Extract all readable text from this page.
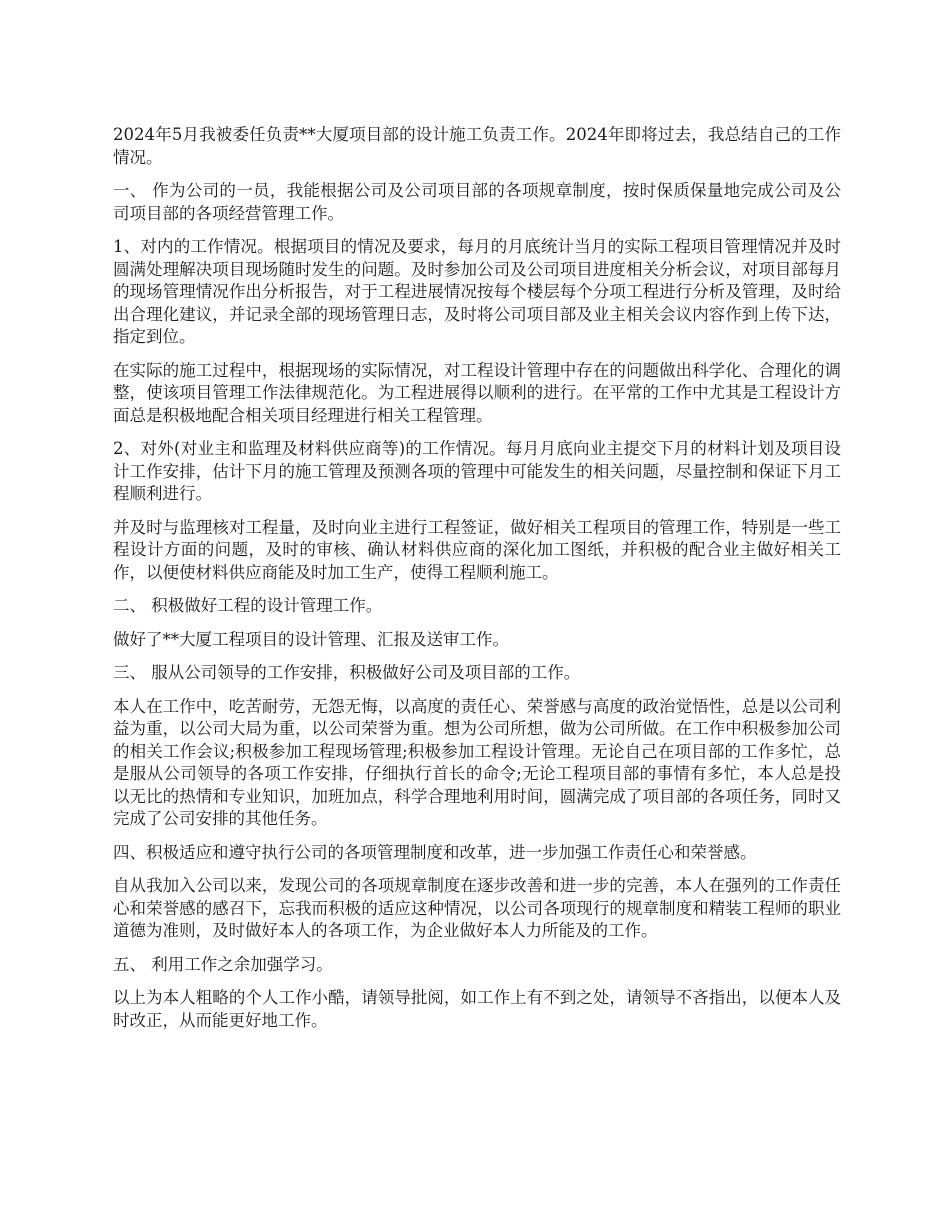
2024年5月我被委任负责**大厦项目部的设计施工负责工作。2024年即将过去，我总结自己的工作情况。

一、 作为公司的一员，我能根据公司及公司项目部的各项规章制度，按时保质保量地完成公司及公司项目部的各项经营管理工作。

1、对内的工作情况。根据项目的情况及要求，每月的月底统计当月的实际工程项目管理情况并及时圆满处理解决项目现场随时发生的问题。及时参加公司及公司项目进度相关分析会议，对项目部每月的现场管理情况作出分析报告，对于工程进展情况按每个楼层每个分项工程进行分析及管理，及时给出合理化建议，并记录全部的现场管理日志，及时将公司项目部及业主相关会议内容作到上传下达，指定到位。

在实际的施工过程中，根据现场的实际情况，对工程设计管理中存在的问题做出科学化、合理化的调整，使该项目管理工作法律规范化。为工程进展得以顺利的进行。在平常的工作中尤其是工程设计方面总是积极地配合相关项目经理进行相关工程管理。

2、对外(对业主和监理及材料供应商等)的工作情况。每月月底向业主提交下月的材料计划及项目设计工作安排，估计下月的施工管理及预测各项的管理中可能发生的相关问题，尽量控制和保证下月工程顺利进行。

并及时与监理核对工程量，及时向业主进行工程签证，做好相关工程项目的管理工作，特别是一些工程设计方面的问题，及时的审核、确认材料供应商的深化加工图纸，并积极的配合业主做好相关工作，以便使材料供应商能及时加工生产，使得工程顺利施工。

二、 积极做好工程的设计管理工作。

做好了**大厦工程项目的设计管理、汇报及送审工作。

三、 服从公司领导的工作安排，积极做好公司及项目部的工作。

本人在工作中，吃苦耐劳，无怨无悔，以高度的责任心、荣誉感与高度的政治觉悟性，总是以公司利益为重，以公司大局为重，以公司荣誉为重。想为公司所想，做为公司所做。在工作中积极参加公司的相关工作会议;积极参加工程现场管理;积极参加工程设计管理。无论自己在项目部的工作多忙，总是服从公司领导的各项工作安排，仔细执行首长的命令;无论工程项目部的事情有多忙，本人总是投以无比的热情和专业知识，加班加点，科学合理地利用时间，圆满完成了项目部的各项任务，同时又完成了公司安排的其他任务。

四、积极适应和遵守执行公司的各项管理制度和改革，进一步加强工作责任心和荣誉感。

自从我加入公司以来，发现公司的各项规章制度在逐步改善和进一步的完善，本人在强列的工作责任心和荣誉感的感召下，忘我而积极的适应这种情况，以公司各项现行的规章制度和精装工程师的职业道德为准则，及时做好本人的各项工作，为企业做好本人力所能及的工作。

五、 利用工作之余加强学习。

以上为本人粗略的个人工作小酷，请领导批阅，如工作上有不到之处，请领导不吝指出，以便本人及时改正，从而能更好地工作。
